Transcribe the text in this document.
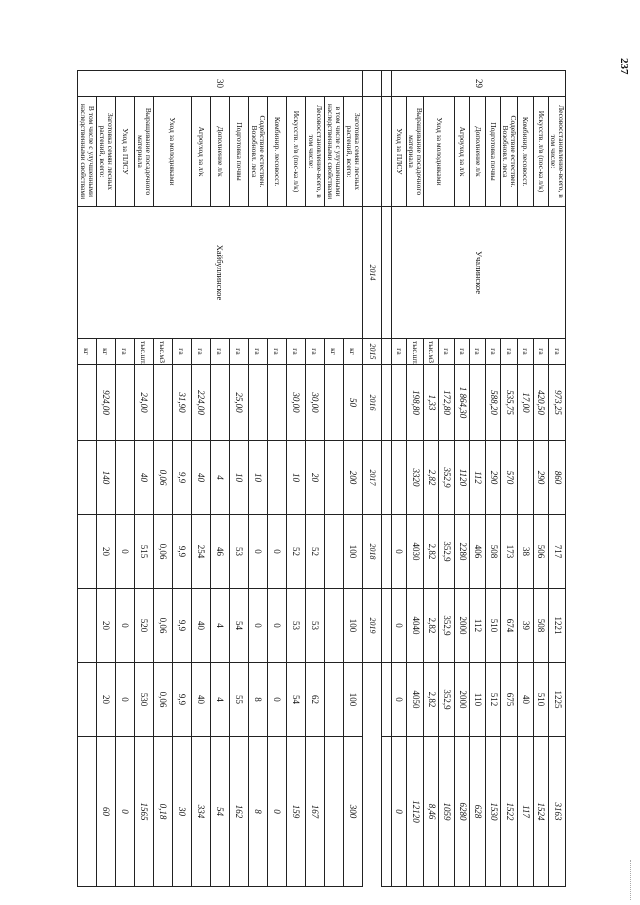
237
29	Лесовосстановление-всего, в том числе:	Учалинское	га	973,25	860	717	1221	1225	3163
	Искусств. л/в (пос-ка л/к)		га	420,50	290	506	508	510	1524
	Комбинир. лесовосст.		га	17,00		38	39	40	117
	Содействие естествен. Возобновл. леса		га	535,75	570	173	674	675	1522
	Подготовка почвы		га	588,20	290	508	510	512	1530
	Дополнение л/к		га		112	406	112	110	628
	Агроуход за л/к		га	1 864,30	1120	2280	2000	2000	6280
	Уход за молодняками		га	172,80	352,9	352,9	352,9	352,9	1059
			тыс.м3	1,33	2,82	2,82	2,82	2,82	8,46
	Выращивание посадочного материала		тыс.шт.	198,80	3320	4030	4040	4050	12120
	Уход за ПЛСУ		га			0	0	0	0

		2014	2015	2016	2017	2018	2019		
30	Заготовка семян лесных растений, всего:	Хайбуллинское	кг	50	200	100	100	100	300
	в том числе с улучшенными наследственными свойствами		кг						
	Лесовосстановление-всего, в том числе:		га	30,00	20	52	53	62	167
	Искусств. л/в (пос-ка л/к)		га	30,00	10	52	53	54	159
	Комбинир. лесовосст.		га			0	0	0	0
	Содействие естествен. Возобновл. леса		га		10	0	0	8	8
	Подготовка почвы		га	25,00	10	53	54	55	162
	Дополнение л/к		га		4	46	4	4	54
	Агроуход за л/к		га	224,00	40	254	40	40	334
	Уход за молодняками		га	31,90	9,9	9,9	9,9	9,9	30
			тыс.м3		0,06	0,06	0,06	0,06	0,18
	Выращивание посадочного материала		тыс.шт.	24,00	40	515	520	530	1565
	Уход за ПЛСУ		га			0	0	0	0
	Заготовка семян лесных растений, всего:		кг	924,00	140	20	20	20	60
	В том числе с улучшенными наследственными свойствами		кг						
